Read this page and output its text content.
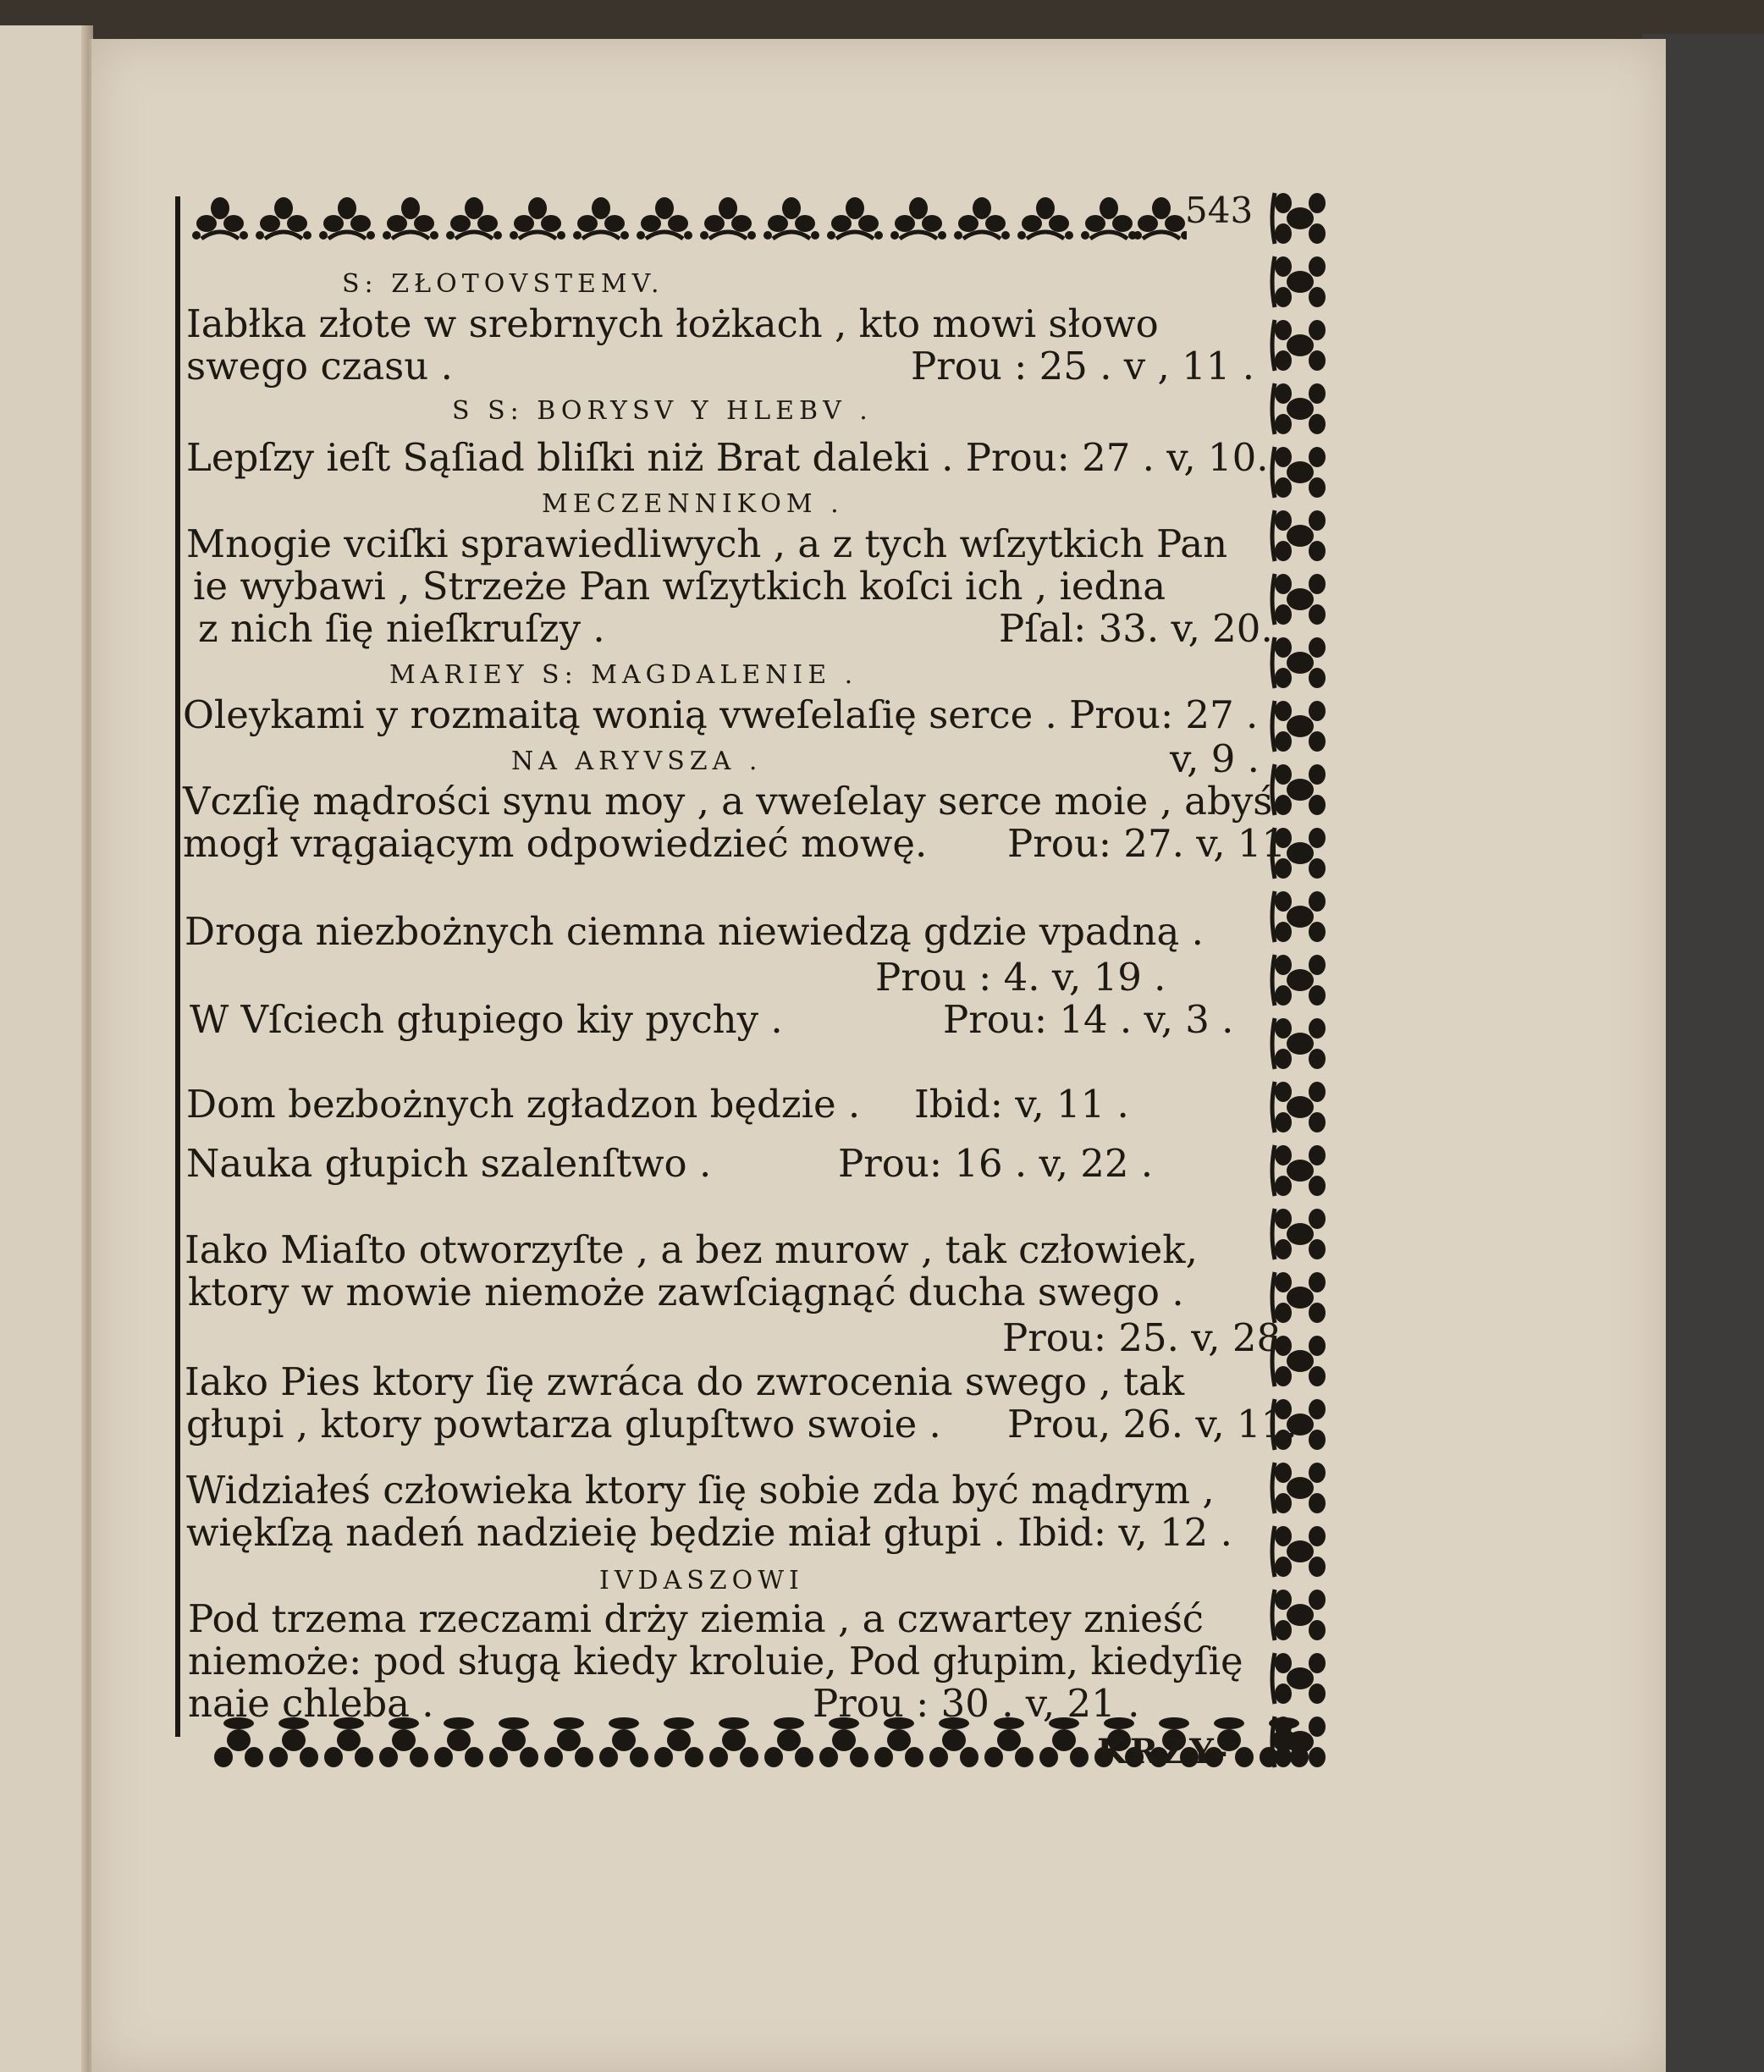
543
S: ZŁOTOVSTEMV.
Iabłka złote w srebrnych łożkach , kto mowi słowo
swego czasu .	Prou : 25 . v , 11 .
S S: BORYSV Y HLEBV .
Lepſzy ieſt Sąſiad bliſki niż Brat daleki . Prou: 27 . v, 10.
MECZENNIKOM .
Mnogie vciſki sprawiedliwych , a z tych wſzytkich Pan
ie wybawi , Strzeże Pan wſzytkich koſci ich , iedna
z nich ſię nieſkruſzy .	Pſal: 33. v, 20.
MARIEY S: MAGDALENIE .
Oleykami y rozmaitą wonią vweſelaſię serce . Prou: 27 .
NA ARYVSZA .	v, 9 .
Vczſię mądrości synu moy , a vweſelay serce moie , abyś
mogł vrągaiącym odpowiedzieć mowę. Prou: 27. v, 11.
Droga niezbożnych ciemna niewiedzą gdzie vpadną .
Prou : 4. v, 19 .
W Vſciech głupiego kiy pychy .	Prou: 14 . v, 3 .
Dom bezbożnych zgładzon będzie . Ibid: v, 11 .
Nauka głupich szalenſtwo .	Prou: 16 . v, 22 .
Iako Miaſto otworzyſte , a bez murow , tak człowiek,
ktory w mowie niemoże zawſciągnąć ducha swego .
Prou: 25. v, 28.
Iako Pies ktory ſię zwráca do zwrocenia swego , tak
głupi , ktory powtarza glupſtwo swoie . Prou, 26. v, 11.
Widziałeś człowieka ktory ſię sobie zda być mądrym ,
więkſzą nadeń nadzieię będzie miał głupi . Ibid: v, 12 .
IVDASZOWI
Pod trzema rzeczami drży ziemia , a czwartey znieść
niemoże: pod sługą kiedy kroluie, Pod głupim, kiedyſię
naie chleba .	Prou : 30 . v, 21 .
KRZY-
